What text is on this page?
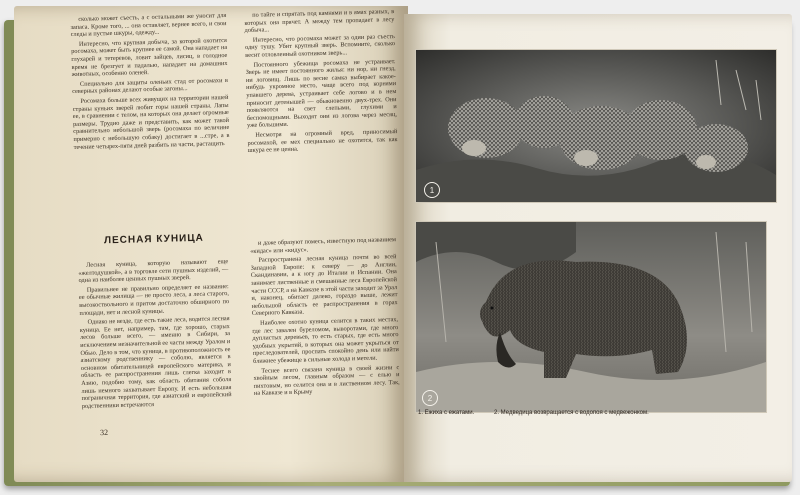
сколько может съесть, а с остальными же уносит для запаса. Кроме того, ... она оставляет, вернее всего, и свои следы и пустые шкуры, одежду...

Интересно, что крупная добыча, за которой охотится росомаха, может быть крупнее ее самой. Она нападает на глухарей и тетеревов, ловит зайцев, лисиц, в голодное время не брезгует и падалью, нападает на домашних животных, особенно оленей.

Специально для защиты оленьих стад от росомахи в северных районах делают особые загоны...

Росомаха больше всех живущих на территории нашей страны куньих зверей любит горы нашей страны. Лапы ее, в сравнении с телом, на которых она делает огромные размеры. Трудно даже и представить, как может такой сравнительно небольшой зверь (росомаха по величине примерно с небольшую собаку) достигает в ...стре, а в течение четырех-пяти дней разбить на части, растащить

по тайге и спрятать под камнями и в ямах разных, в которых она прячет. А между тем пропадает в лесу добыча...

Интересно, что росомаха может за один раз съесть одну тушу. Убит крупный зверь. Вспомните, сколько весит отловленный охотником зверь...

Постоянного убежища росомаха не устраивает. Зверь не имеет постоянного жилья: ни нор, ни гнезд, ни логовищ. Лишь по весне самка выбирает какое-нибудь укромное место, чаще всего под корнями упавшего дерева, устраивает себе логово и в нем приносит детенышей — обыкновенно двух-трех. Они появляются на свет слепыми, глухими и беспомощными. Выходят они из логова через месяц, уже большими.

Несмотря на огромный вред, приносимый росомахой, ее мех специально не охотятся, так как шкура ее не ценна.

ЛЕСНАЯ КУНИЦА

Лесная куница, которую называют еще «желтодушкой», а в торговле сети пушных изделий, — одна из наиболее ценных пушных зверей.

Правильнее не правильно определяет ее название: ее обычные жилища — не просто леса, а леса старого, высокоствольного и притом достаточно обширного по площади, нет и лесной куницы.

Однако не везде, где есть такие леса, водится лесная куница. Ее нет, например, там, где хорошо, старых лесов больше всего, — именно в Сибири, за исключением незначительной ее части между Уралом и Обью. Дело в том, что куница, в противоположность ее азиатскому родственнику — соболю, является в основном обитательницей европейского материка, и область ее распространения лишь слегка заходит в Азию, подобно тому, как область обитания соболя лишь немного захватывает Европу. И есть небольшая пограничная территория, где азиатский и европейский родственники встречаются

и даже образуют помесь, известную под названием «кидас» или «кидус».

Распространена лесная куница почти во всей Западной Европе: к северу — до Англии, Скандинавии, а к югу до Италии и Испании. Она занимает лиственные и смешанные леса Европейской части СССР, а на Кавказе в этой части заходит за Урал и, наконец, обитает далеко, гораздо выше, лежит небольшой область ее распространения в горах Северного Кавказа.

Наиболее охотно куница селится в таких местах, где лес завален буреломом, выворотами, где много дуплистых деревьев, то есть старых, где есть много удобных укрытий, в которых она может укрыться от преследователей, проспать спокойно день или найти ближнее убежище в сильные холода и метели.

Теснее всего связана куница в своей жизни с хвойным лесом, главным образом — с елью и пихтовым, но селится она и в лиственном лесу. Так, на Кавказе и в Крыму

32
1
2
1. Ежиха с ежатами.	2. Медведица возвращается с водопоя с медвежонком.
